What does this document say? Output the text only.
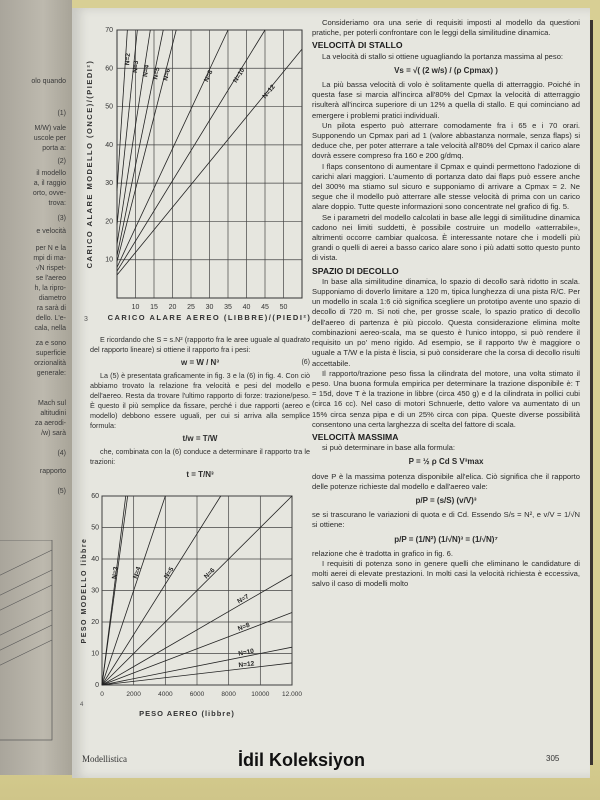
olo quando
(1)
M/W) vale
uscole per
porta a:
(2)
il modello
a, il raggio
orto, ovve-
trova:
(3)
e velocità
per N e la
mpi di ma-
√N rispet-
se l'aereo
h, la ripro-
diametro
ra sarà di
dello. L'e-
cala, nella
za e sono
superficie
orzionalità
generale:
Mach sul
altitudini
za aerodi-
/w) sarà
(4)
rapporto
(5)
10 15 20 25 30 35 40 45 50
10
20
30
40
50
60
70
N=2
N=3 N=4 N=5 N=6	N=8	N=10
N=12
CARICO ALARE MODELLO (ONCE)/(PIEDI²)
3	CARICO ALARE AEREO (LIBBRE)/(PIEDI²)

E ricordando che S = s.N² (rapporto fra le aree uguale al quadrato del rapporto lineare) si ottiene il rapporto fra i pesi:

w = W / N³	(6)

La (5) è presentata graficamente in fig. 3 e la (6) in fig. 4. Con ciò abbiamo trovato la relazione fra velocità e pesi del modello e dell'aereo. Resta da trovare l'ultimo rapporto di forze: trazione/peso. È questo il più semplice da fissare, perché i due rapporti (aereo e modello) debbono essere uguali, per cui si arriva alla semplice formula:

t/w = T/W

che, combinata con la (6) conduce a determinare il rapporto tra le trazioni:

t = T/N³
0	2000	4000	6000	8000 10000 12.000
0
10
20
30
40
50
60
N=3 N=4	N=5	N=6
N=7
N=8
N=10
N=12
PESO MODELLO libbre
PESO AEREO (libbre)
4

Consideriamo ora una serie di requisiti imposti al modello da questioni pratiche, per poterli confrontare con le leggi della similitudine dinamica.

VELOCITÀ DI STALLO

La velocità di stallo si ottiene uguagliando la portanza massima al peso:

Vs = √( (2 w/s) / (ρ Cpmax) )

La più bassa velocità di volo è solitamente quella di atterraggio. Poiché in questa fase si marcia all'incirca all'80% del Cpmax la velocità di atterraggio risulterà all'incirca superiore di un 12% a quella di stallo. E qui cominciano ad emergere i problemi pratici individuali.

Un pilota esperto può atterrare comodamente fra i 65 e i 70 orari. Supponendo un Cpmax pari ad 1 (valore abbastanza normale, senza flaps) si deduce che, per poter atterrare a tale velocità all'80% del Cpmax il carico alare dovrà essere compreso fra 160 e 200 g/dmq.

I flaps consentono di aumentare il Cpmax e quindi permettono l'adozione di carichi alari maggiori. L'aumento di portanza dato dai flaps può essere anche del 300% ma stiamo sul sicuro e supponiamo di arrivare a Cpmax = 2. Ne segue che il modello può atterrare alle stesse velocità di prima con un carico alare doppio. Tutte queste informazioni sono concentrate nel grafico di fig. 5.

Se i parametri del modello calcolati in base alle leggi di similitudine dinamica cadono nei limiti suddetti, è possibile costruire un modello «atterrabile», altrimenti occorre cambiar qualcosa. È interessante notare che i modelli più grandi o quelli di aerei a basso carico alare sono i più adatti sotto questo punto di vista.

SPAZIO DI DECOLLO

In base alla similitudine dinamica, lo spazio di decollo sarà ridotto in scala. Supponiamo di doverlo limitare a 120 m, tipica lunghezza di una pista R/C. Per un modello in scala 1:6 ciò significa scegliere un prototipo avente uno spazio di decollo di 720 m. Si noti che, per grosse scale, lo spazio pratico di decollo dell'aereo di partenza è più piccolo. Questa considerazione elimina molte combinazioni aereo-scala, ma se questo è l'unico intoppo, si può rendere il requisito un po' meno rigido. Ad esempio, se il rapporto t/w è maggiore o uguale a T/W e la pista è liscia, si può considerare che la corsa di decollo risulti accettabile.

Il rapporto/trazione peso fissa la cilindrata del motore, una volta stimato il peso. Una buona formula empirica per determinare la trazione disponibile è: T = 15d, dove T è la trazione in libbre (circa 450 g) e d la cilindrata in pollici cubi (circa 16 cc). Nel caso di motori Schnuerle, detto valore va aumentato di un 15% circa senza pipa e di un 25% circa con pipa. Queste diverse possibilità consentono una certa larghezza di scelta del fattore di scala.

VELOCITÀ MASSIMA

si può determinare in base alla formula:

P = ½ ρ Cd S V³max

dove P è la massima potenza disponibile all'elica. Ciò significa che il rapporto delle potenze richieste dal modello e dall'aereo vale:

p/P = (s/S) (v/V)³

se si trascurano le variazioni di quota e di Cd. Essendo S/s = N², e v/V = 1/√N si ottiene:

p/P = (1/N²) (1/√N)³ = (1/√N)⁷

relazione che è tradotta in grafico in fig. 6.

I requisiti di potenza sono in genere quelli che eliminano le candidature di molti aerei di elevate prestazioni. In molti casi la velocità richiesta è eccessiva, salvo il caso di modelli molto

Modellistica	305
İdil Koleksiyon
